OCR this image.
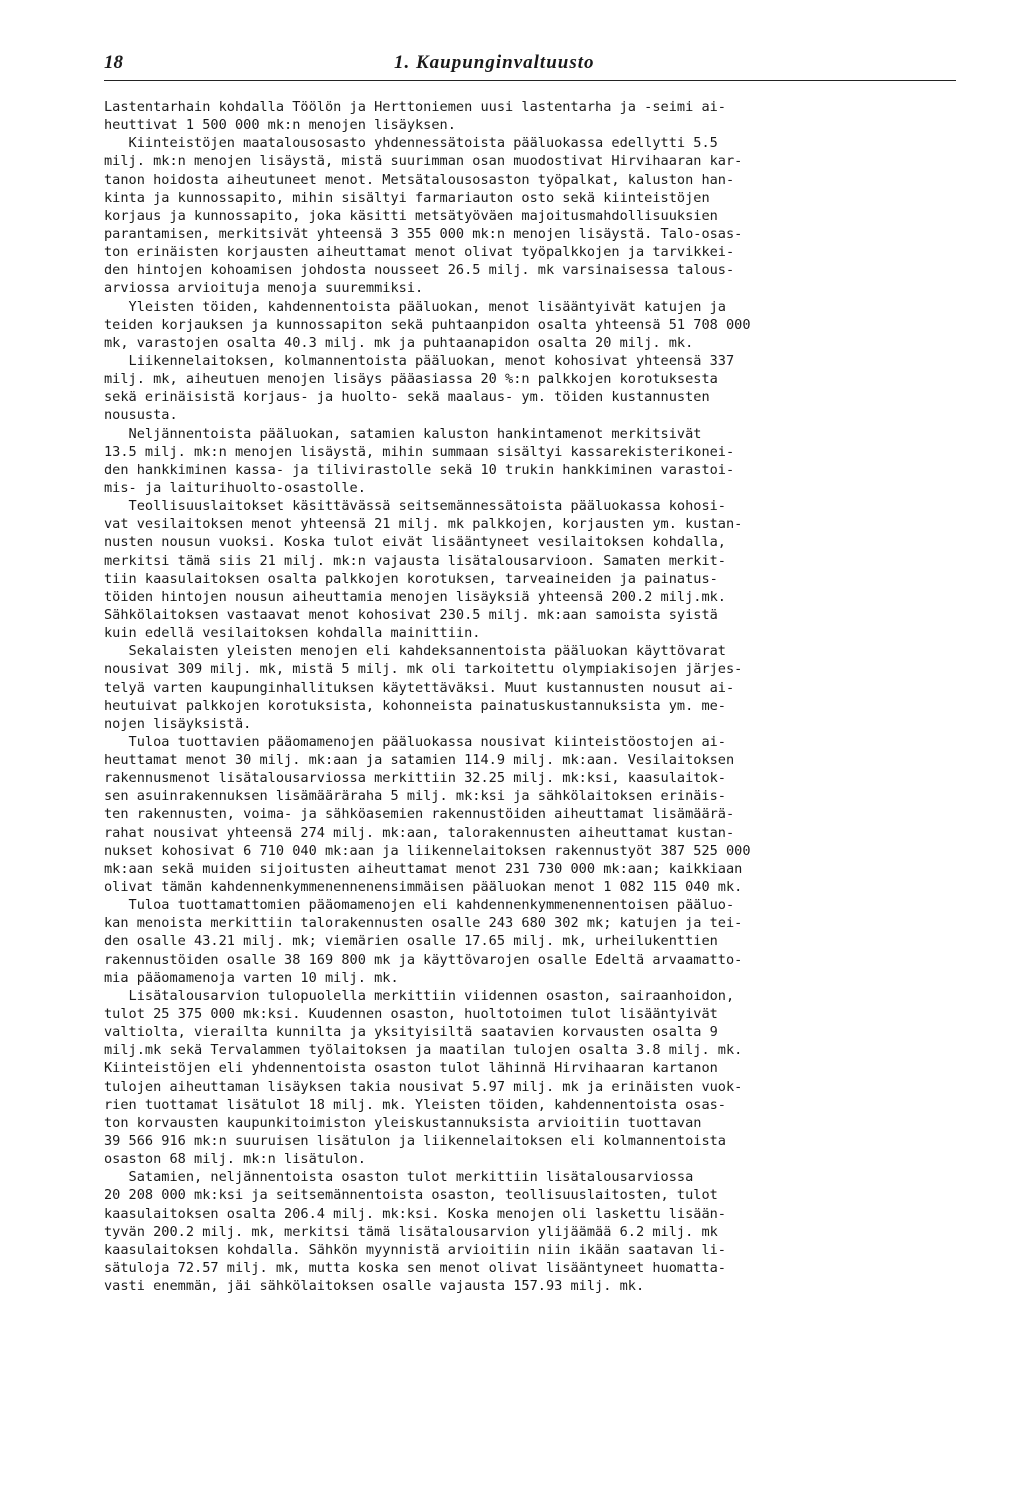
18	1. Kaupunginvaltuusto
Lastentarhain kohdalla Töölön ja Herttoniemen uusi lastentarha ja -seimi ai-
heuttivat 1 500 000 mk:n menojen lisäyksen.
Kiinteistöjen maatalousosasto yhdennessätoista pääluokassa edellytti 5.5
milj. mk:n menojen lisäystä, mistä suurimman osan muodostivat Hirvihaaran kar-
tanon hoidosta aiheutuneet menot. Metsätalousosaston työpalkat, kaluston han-
kinta ja kunnossapito, mihin sisältyi farmariauton osto sekä kiinteistöjen
korjaus ja kunnossapito, joka käsitti metsätyöväen majoitusmahdollisuuksien
parantamisen, merkitsivät yhteensä 3 355 000 mk:n menojen lisäystä. Talo-osas-
ton erinäisten korjausten aiheuttamat menot olivat työpalkkojen ja tarvikkei-
den hintojen kohoamisen johdosta nousseet 26.5 milj. mk varsinaisessa talous-
arviossa arvioituja menoja suuremmiksi.
Yleisten töiden, kahdennentoista pääluokan, menot lisääntyivät katujen ja
teiden korjauksen ja kunnossapiton sekä puhtaanpidon osalta yhteensä 51 708 000
mk, varastojen osalta 40.3 milj. mk ja puhtaanapidon osalta 20 milj. mk.
Liikennelaitoksen, kolmannentoista pääluokan, menot kohosivat yhteensä 337
milj. mk, aiheutuen menojen lisäys pääasiassa 20 %:n palkkojen korotuksesta
sekä erinäisistä korjaus- ja huolto- sekä maalaus- ym. töiden kustannusten
noususta.
Neljännentoista pääluokan, satamien kaluston hankintamenot merkitsivät
13.5 milj. mk:n menojen lisäystä, mihin summaan sisältyi kassarekisterikonei-
den hankkiminen kassa- ja tilivirastolle sekä 10 trukin hankkiminen varastoi-
mis- ja laiturihuolto-osastolle.
Teollisuuslaitokset käsittävässä seitsemännessätoista pääluokassa kohosi-
vat vesilaitoksen menot yhteensä 21 milj. mk palkkojen, korjausten ym. kustan-
nusten nousun vuoksi. Koska tulot eivät lisääntyneet vesilaitoksen kohdalla,
merkitsi tämä siis 21 milj. mk:n vajausta lisätalousarvioon. Samaten merkit-
tiin kaasulaitoksen osalta palkkojen korotuksen, tarveaineiden ja painatus-
töiden hintojen nousun aiheuttamia menojen lisäyksiä yhteensä 200.2 milj.mk.
Sähkölaitoksen vastaavat menot kohosivat 230.5 milj. mk:aan samoista syistä
kuin edellä vesilaitoksen kohdalla mainittiin.
Sekalaisten yleisten menojen eli kahdeksannentoista pääluokan käyttövarat
nousivat 309 milj. mk, mistä 5 milj. mk oli tarkoitettu olympiakisojen järjes-
telyä varten kaupunginhallituksen käytettäväksi. Muut kustannusten nousut ai-
heutuivat palkkojen korotuksista, kohonneista painatuskustannuksista ym. me-
nojen lisäyksistä.
Tuloa tuottavien pääomamenojen pääluokassa nousivat kiinteistöostojen ai-
heuttamat menot 30 milj. mk:aan ja satamien 114.9 milj. mk:aan. Vesilaitoksen
rakennusmenot lisätalousarviossa merkittiin 32.25 milj. mk:ksi, kaasulaitok-
sen asuinrakennuksen lisämääräraha 5 milj. mk:ksi ja sähkölaitoksen erinäis-
ten rakennusten, voima- ja sähköasemien rakennustöiden aiheuttamat lisämäärä-
rahat nousivat yhteensä 274 milj. mk:aan, talorakennusten aiheuttamat kustan-
nukset kohosivat 6 710 040 mk:aan ja liikennelaitoksen rakennustyöt 387 525 000
mk:aan sekä muiden sijoitusten aiheuttamat menot 231 730 000 mk:aan; kaikkiaan
olivat tämän kahdennenkymmenennenensimmäisen pääluokan menot 1 082 115 040 mk.
Tuloa tuottamattomien pääomamenojen eli kahdennenkymmenennentoisen pääluo-
kan menoista merkittiin talorakennusten osalle 243 680 302 mk; katujen ja tei-
den osalle 43.21 milj. mk; viemärien osalle 17.65 milj. mk, urheilukenttien
rakennustöiden osalle 38 169 800 mk ja käyttövarojen osalle Edeltä arvaamatto-
mia pääomamenoja varten 10 milj. mk.
Lisätalousarvion tulopuolella merkittiin viidennen osaston, sairaanhoidon,
tulot 25 375 000 mk:ksi. Kuudennen osaston, huoltotoimen tulot lisääntyivät
valtiolta, vierailta kunnilta ja yksityisiltä saatavien korvausten osalta 9
milj.mk sekä Tervalammen työlaitoksen ja maatilan tulojen osalta 3.8 milj. mk.
Kiinteistöjen eli yhdennentoista osaston tulot lähinnä Hirvihaaran kartanon
tulojen aiheuttaman lisäyksen takia nousivat 5.97 milj. mk ja erinäisten vuok-
rien tuottamat lisätulot 18 milj. mk. Yleisten töiden, kahdennentoista osas-
ton korvausten kaupunkitoimiston yleiskustannuksista arvioitiin tuottavan
39 566 916 mk:n suuruisen lisätulon ja liikennelaitoksen eli kolmannentoista
osaston 68 milj. mk:n lisätulon.
Satamien, neljännentoista osaston tulot merkittiin lisätalousarviossa
20 208 000 mk:ksi ja seitsemännentoista osaston, teollisuuslaitosten, tulot
kaasulaitoksen osalta 206.4 milj. mk:ksi. Koska menojen oli laskettu lisään-
tyvän 200.2 milj. mk, merkitsi tämä lisätalousarvion ylijäämää 6.2 milj. mk
kaasulaitoksen kohdalla. Sähkön myynnistä arvioitiin niin ikään saatavan li-
sätuloja 72.57 milj. mk, mutta koska sen menot olivat lisääntyneet huomatta-
vasti enemmän, jäi sähkölaitoksen osalle vajausta 157.93 milj. mk.
